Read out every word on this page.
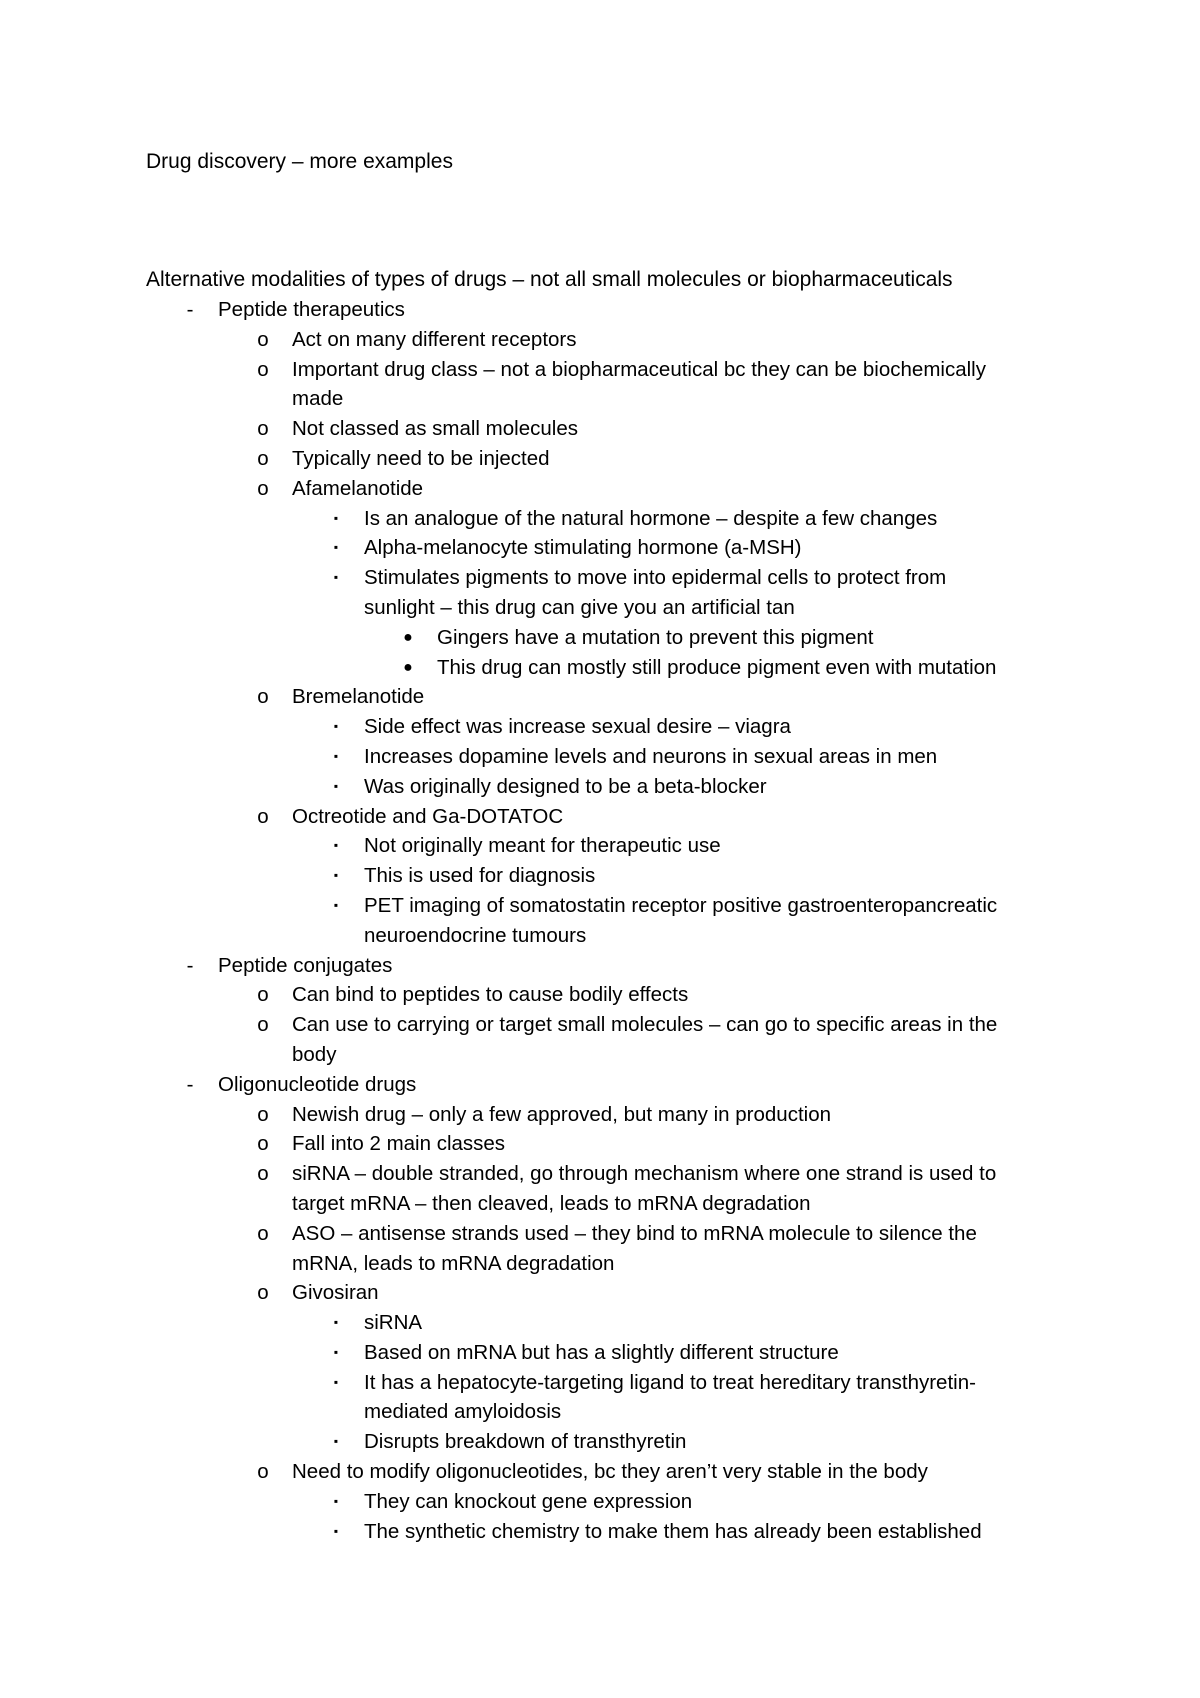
Drug discovery – more examples

Alternative modalities of types of drugs – not all small molecules or biopharmaceuticals

-	Peptide therapeutics
o Act on many different receptors
o Important drug class – not a biopharmaceutical bc they can be biochemically
made
o Not classed as small molecules
o Typically need to be injected
o Afamelanotide
▪	Is an analogue of the natural hormone – despite a few changes
▪	Alpha-melanocyte stimulating hormone (a-MSH)
▪	Stimulates pigments to move into epidermal cells to protect from
sunlight – this drug can give you an artificial tan
● Gingers have a mutation to prevent this pigment
● This drug can mostly still produce pigment even with mutation
o Bremelanotide
▪	Side effect was increase sexual desire – viagra
▪	Increases dopamine levels and neurons in sexual areas in men
▪	Was originally designed to be a beta-blocker
o Octreotide and Ga-DOTATOC
▪	Not originally meant for therapeutic use
▪	This is used for diagnosis
▪	PET imaging of somatostatin receptor positive gastroenteropancreatic
neuroendocrine tumours
-	Peptide conjugates
o Can bind to peptides to cause bodily effects
o Can use to carrying or target small molecules – can go to specific areas in the
body
-	Oligonucleotide drugs
o Newish drug – only a few approved, but many in production
o Fall into 2 main classes
o siRNA – double stranded, go through mechanism where one strand is used to
target mRNA – then cleaved, leads to mRNA degradation
o ASO – antisense strands used – they bind to mRNA molecule to silence the
mRNA, leads to mRNA degradation
o Givosiran
▪	siRNA
▪	Based on mRNA but has a slightly different structure
▪	It has a hepatocyte-targeting ligand to treat hereditary transthyretin-
mediated amyloidosis
▪	Disrupts breakdown of transthyretin
o Need to modify oligonucleotides, bc they aren’t very stable in the body
▪	They can knockout gene expression
▪	The synthetic chemistry to make them has already been established
